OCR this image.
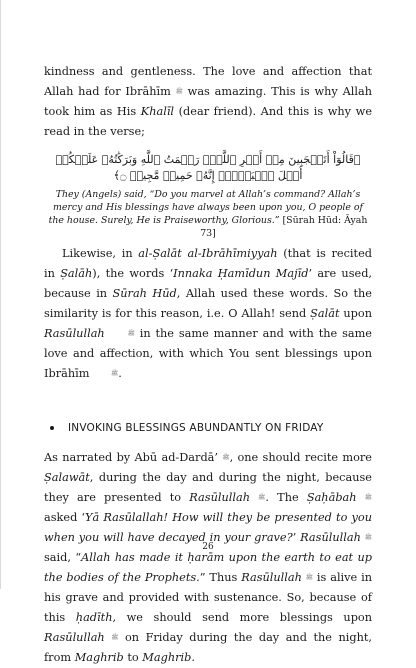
kindness and gentleness. The love and affection that Allah had for Ibrāhīm ﷺ was amazing. This is why Allah took him as His Khalīl (dear friend). And this is why we read in the verse;

﴿قَالُوٓاْ أَتَعۡجَبِينَ مِنۡ أَمۡرِ ٱللَّهِۖ رَحۡمَتُ ٱللَّهِ وَبَرَكَٰتُهُۥ عَلَيۡكُمۡ أَهۡلَ ٱلۡبَيۡتِۚ إِنَّهُۥ حَمِيدٞ مَّجِيدٞ ۝﴾

They (Angels) said, “Do you marvel at Allah’s command? Allah’s mercy and His blessings have always been upon you, O people of the house. Surely, He is Praiseworthy, Glorious.” [Sūrah Hūd: Āyah 73]

Likewise, in al-Ṣalāt al-Ibrāhīmiyyah (that is recited in Ṣalāh), the words ‘Innaka Ḥamīdun Majīd’ are used, because in Sūrah Hūd, Allah used these words. So the similarity is for this reason, i.e. O Allah! send Ṣalāt upon Rasūlullah	ﷺ in the same manner and with the same love and affection, with which You sent blessings upon Ibrāhīm	ﷺ.

INVOKING BLESSINGS ABUNDANTLY ON FRIDAY

As narrated by Abū ad-Dardā’ ﷺ, one should recite more Ṣalawāt, during the day and during the night, because they are presented to Rasūlullah ﷺ. The Ṣaḥābah ﷺ asked ‘Yā Rasūlallah! How will they be presented to you when you will have decayed in your grave?’ Rasūlullah ﷺ said, “Allah has made it ḥarām upon the earth to eat up the bodies of the Prophets.” Thus Rasūlullah ﷺ is alive in his grave and provided with sustenance. So, because of this ḥadīth, we should send more blessings upon Rasūlullah ﷺ on Friday during the day and the night, from Maghrib to Maghrib.

26
